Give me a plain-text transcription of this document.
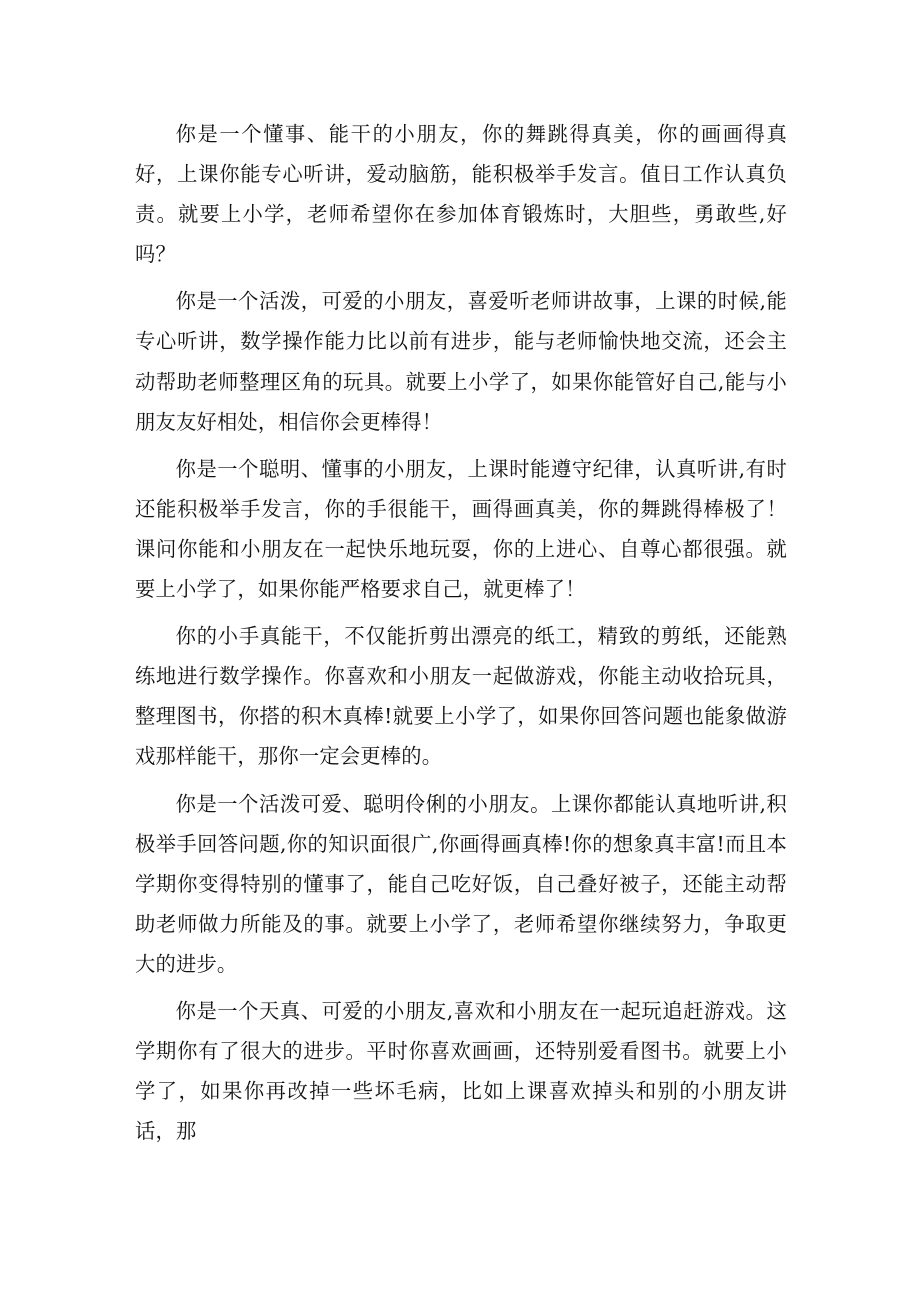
你是一个懂事、能干的小朋友，你的舞跳得真美，你的画画得真好，上课你能专心听讲，爱动脑筋，能积极举手发言。值日工作认真负责。就要上小学，老师希望你在参加体育锻炼时，大胆些，勇敢些,好吗？

你是一个活泼，可爱的小朋友，喜爱听老师讲故事，上课的时候,能专心听讲，数学操作能力比以前有进步，能与老师愉快地交流，还会主动帮助老师整理区角的玩具。就要上小学了，如果你能管好自己,能与小朋友友好相处，相信你会更棒得！

你是一个聪明、懂事的小朋友，上课时能遵守纪律，认真听讲,有时还能积极举手发言，你的手很能干，画得画真美，你的舞跳得棒极了！课问你能和小朋友在一起快乐地玩耍，你的上进心、自尊心都很强。就要上小学了，如果你能严格要求自己，就更棒了！

你的小手真能干，不仅能折剪出漂亮的纸工，精致的剪纸，还能熟练地进行数学操作。你喜欢和小朋友一起做游戏，你能主动收拾玩具，整理图书，你搭的积木真棒!就要上小学了，如果你回答问题也能象做游戏那样能干，那你一定会更棒的。

你是一个活泼可爱、聪明伶俐的小朋友。上课你都能认真地听讲,积极举手回答问题,你的知识面很广,你画得画真棒!你的想象真丰富!而且本学期你变得特别的懂事了，能自己吃好饭，自己叠好被子，还能主动帮助老师做力所能及的事。就要上小学了，老师希望你继续努力，争取更大的进步。

你是一个天真、可爱的小朋友,喜欢和小朋友在一起玩追赶游戏。这学期你有了很大的进步。平时你喜欢画画，还特别爱看图书。就要上小学了，如果你再改掉一些坏毛病，比如上课喜欢掉头和别的小朋友讲话，那
